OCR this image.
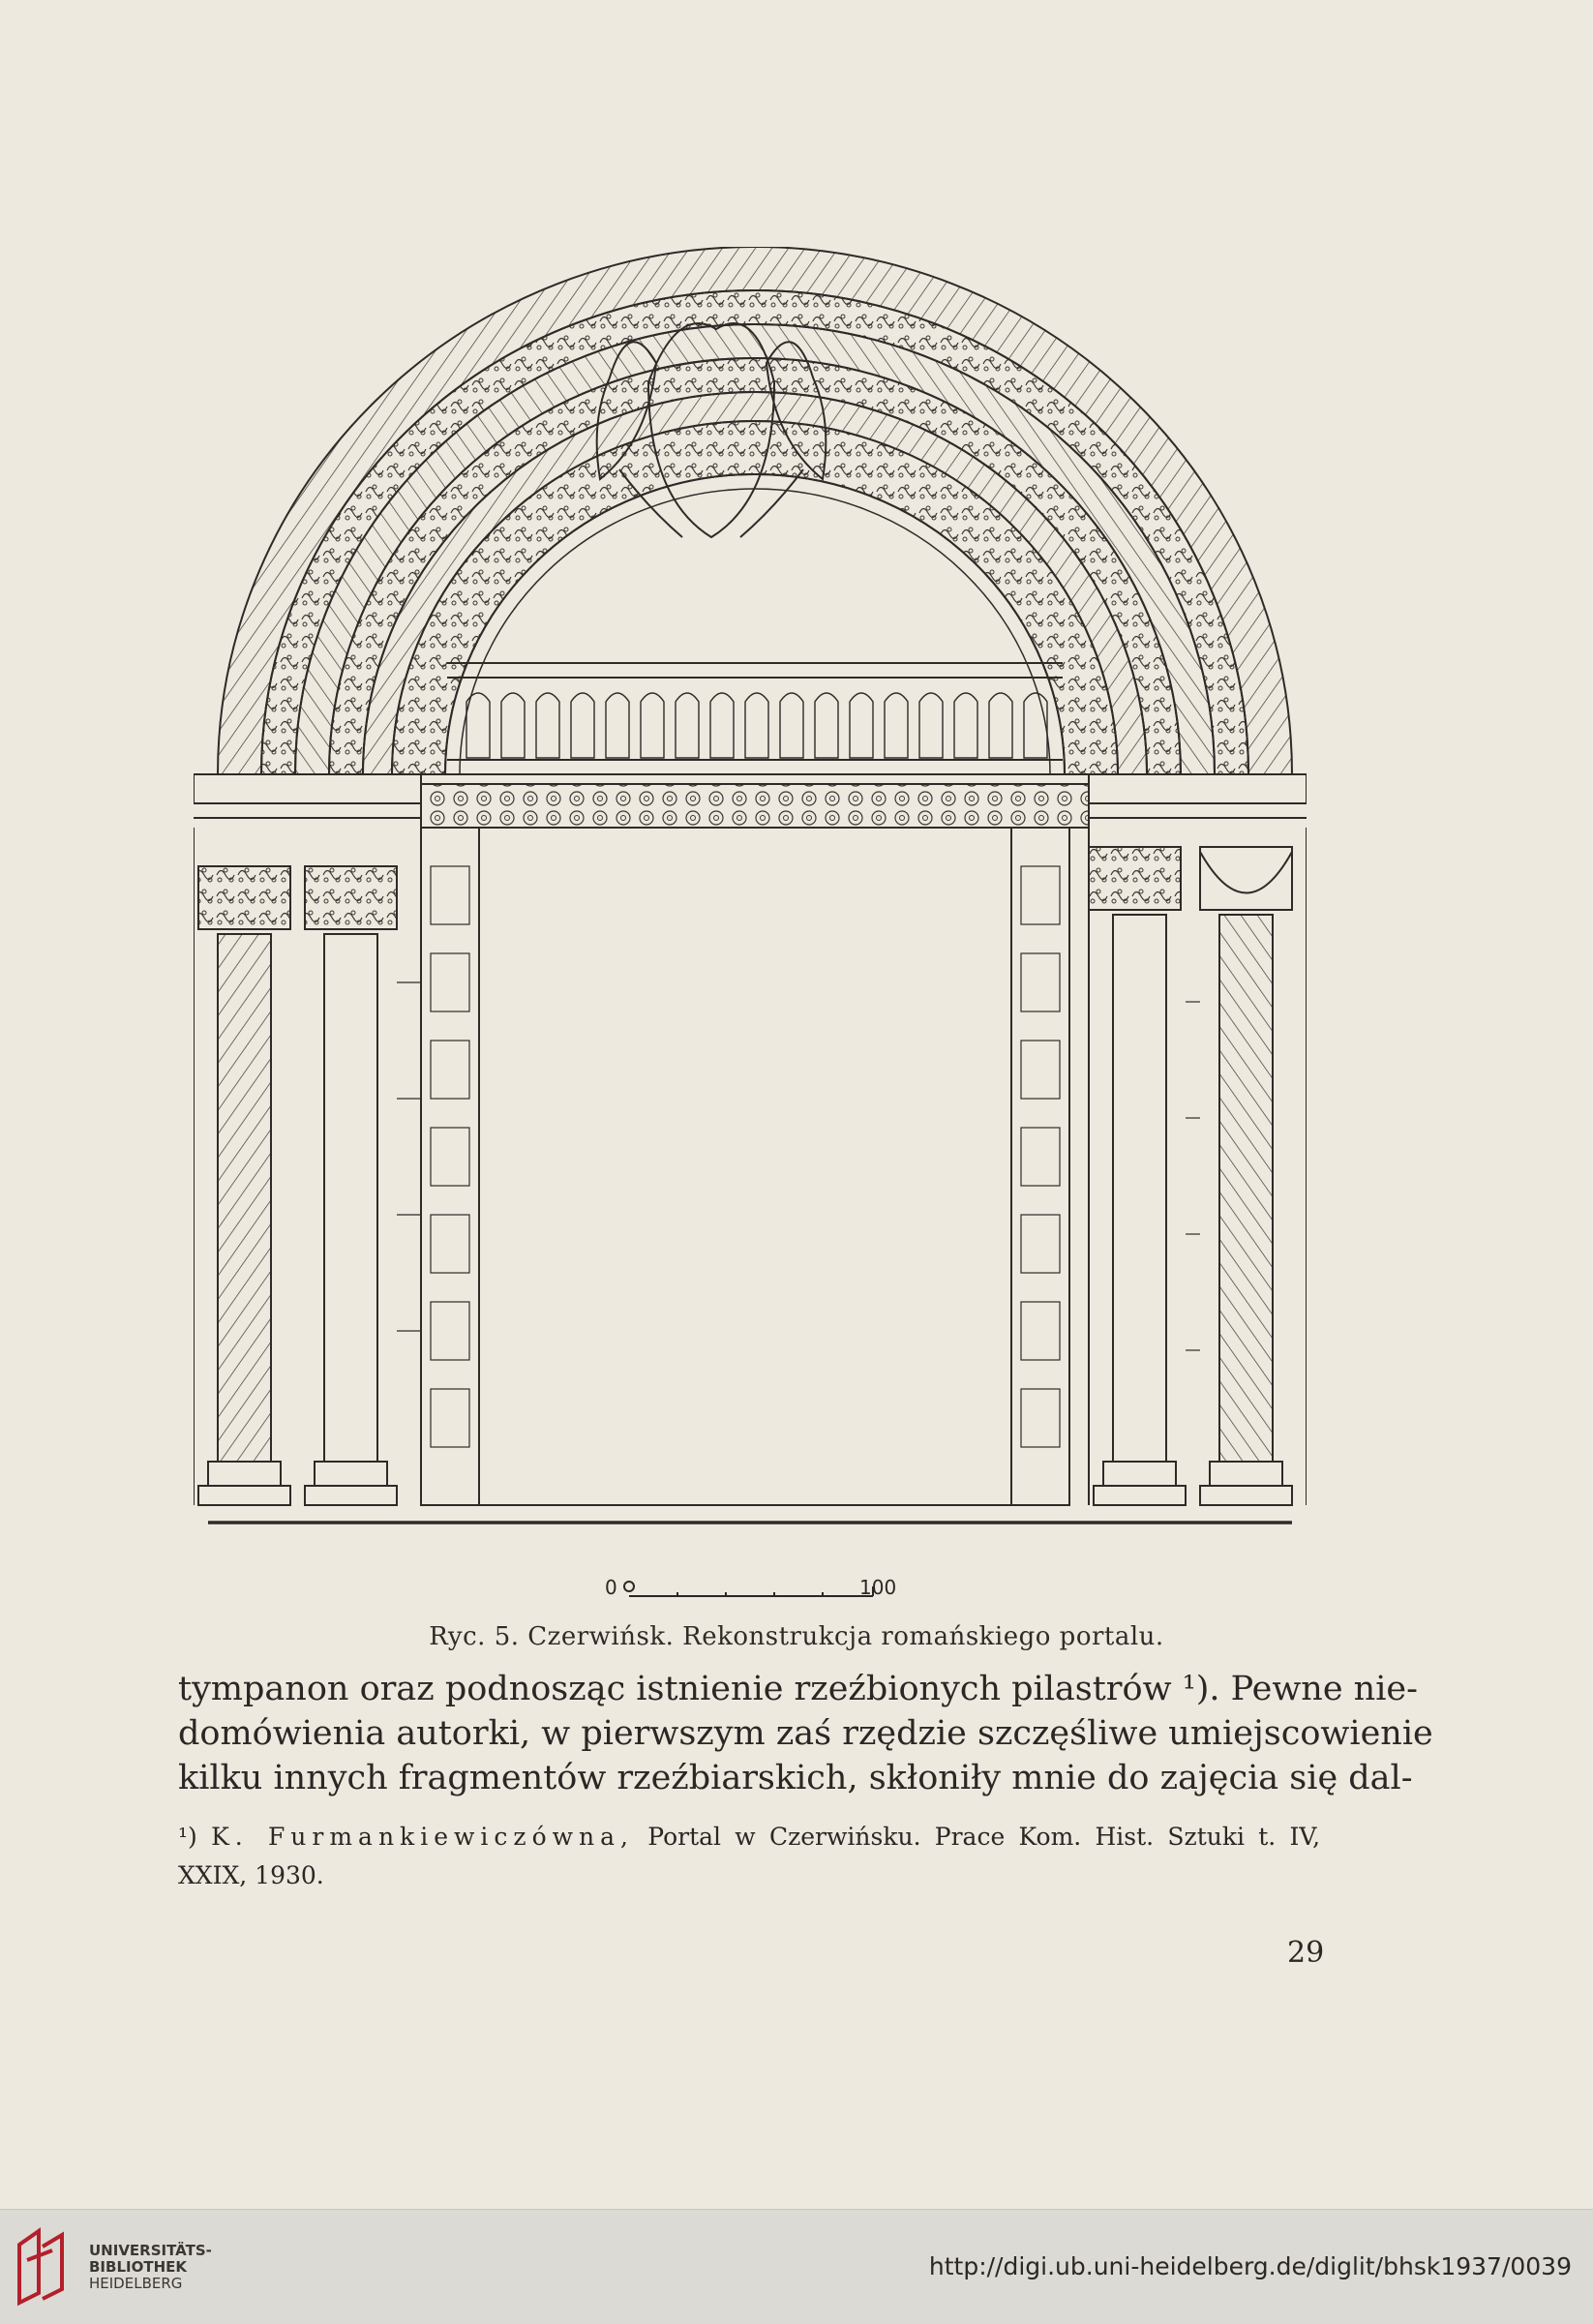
0	100
Ryc. 5. Czerwińsk. Rekonstrukcja romańskiego portalu.
tympanon oraz podnosząc istnienie rzeźbionych pilastrów ¹). Pewne nie-
domówienia autorki, w pierwszym zaś rzędzie szczęśliwe umiejscowienie
kilku innych fragmentów rzeźbiarskich, skłoniły mnie do zajęcia się dal-
¹) K. Furmankiewiczówna, Portal w Czerwińsku. Prace Kom. Hist. Sztuki t. IV,
XXIX, 1930.
29
UNIVERSITÄTS-
BIBLIOTHEK
HEIDELBERG
http://digi.ub.uni-heidelberg.de/diglit/bhsk1937/0039
